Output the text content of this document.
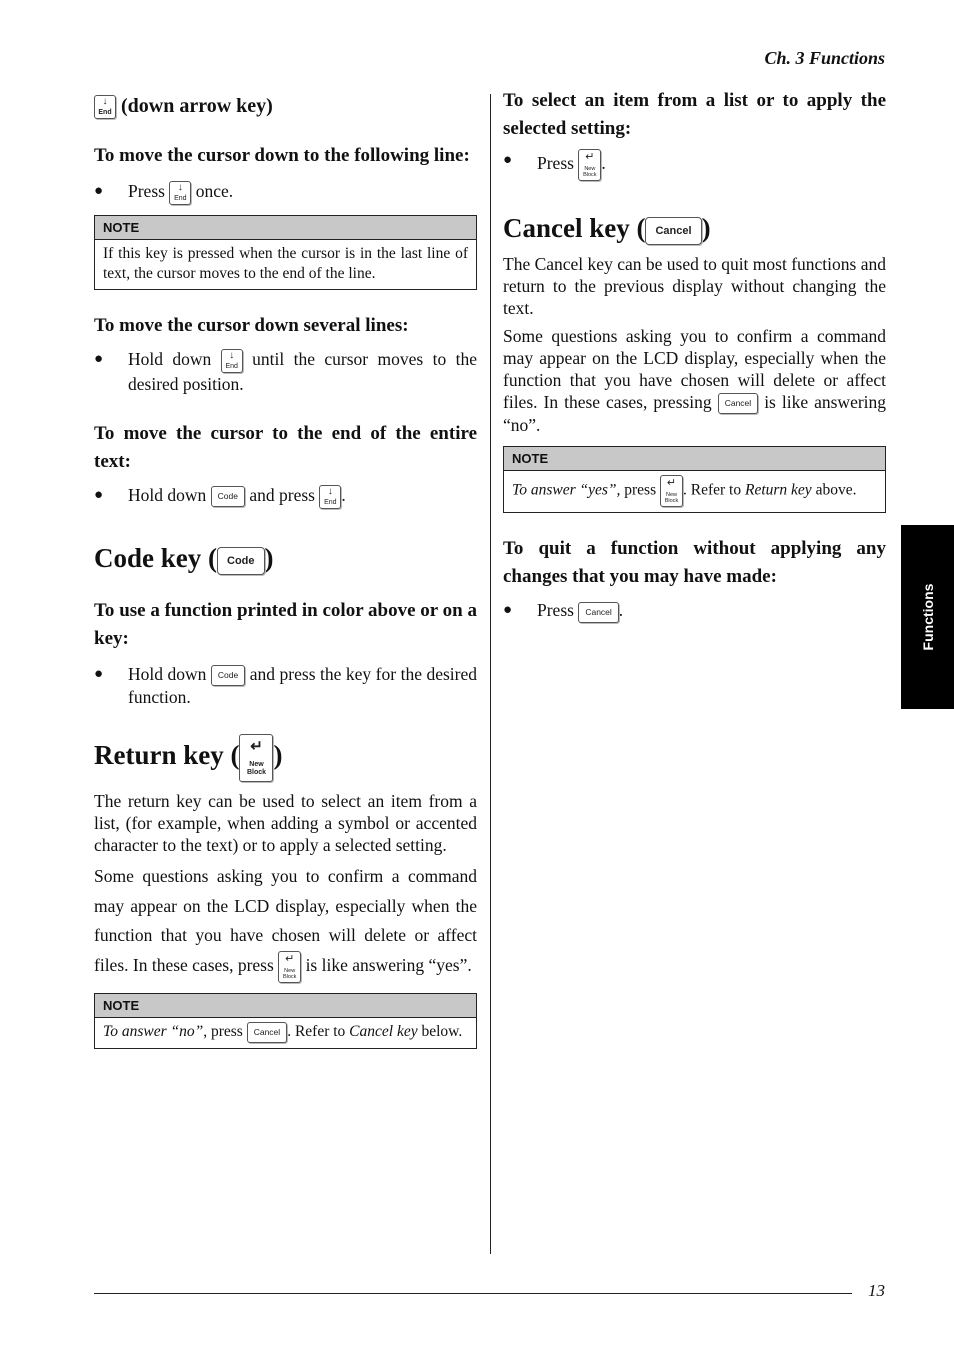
Ch. 3 Functions
↓
End (down arrow key)
To move the cursor down to the following line:
● Press	↓
End once.
NOTE
If this key is pressed when the cursor is in the last line of text, the cursor moves to the end of the line.
To move the cursor down several lines:
● Hold down	↓
End until the cursor moves to the desired position.
To move the cursor to the end of the entire text:
● Hold down Code and press	↓
End .
Code key ( Code )
To use a function printed in color above or on a key:
● Hold down Code and press the key for the desired function.
Return key ( ↵
New Block
)

The return key can be used to select an item from a list, (for example, when adding a symbol or accented character to the text) or to apply a selected setting.

Some questions asking you to confirm a command may appear on the LCD display, especially when the function that you have chosen will delete or affect files. In these cases, press	↵
New Block
is like answering “yes”.

NOTE
To answer “no”, press Cancel . Refer to Cancel key below.
To select an item from a list or to apply the selected setting:
● Press	↵
New Block
.
Cancel key ( Cancel )

The Cancel key can be used to quit most functions and return to the previous display without changing the text.

Some questions asking you to confirm a command may appear on the LCD display, especially when the function that you have chosen will delete or affect files. In these cases, pressing Cancel is like answering “no”.

NOTE
To answer “yes”, press ↵
New Block
. Refer to Return key above.
To quit a function without applying any changes that you may have made:
● Press Cancel .	Functions
13
